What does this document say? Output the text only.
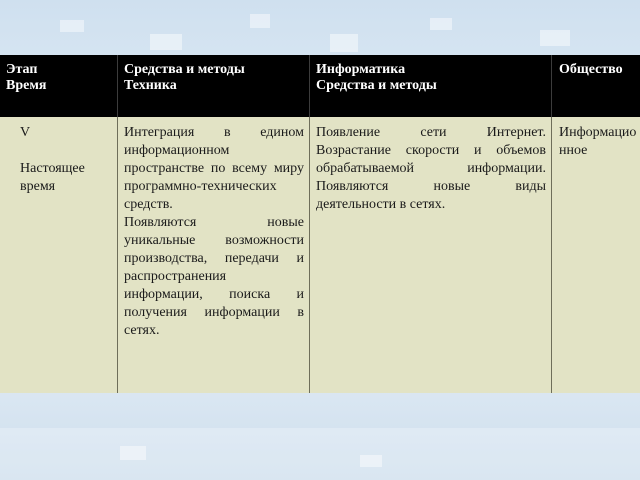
Этап
Время
Средства и методы
Техника
Информатика
Средства и методы
Общество
V
Настоящее время
Интеграция в едином информационном пространстве по всему миру программно-технических средств.
Появляются новые уникальные возможности производства, передачи и распространения информации, поиска и получения информации в сетях.
Появление сети Интернет. Возрастание скорости и объемов обрабатываемой информации. Появляются новые виды деятельности в сетях.
Информационное
